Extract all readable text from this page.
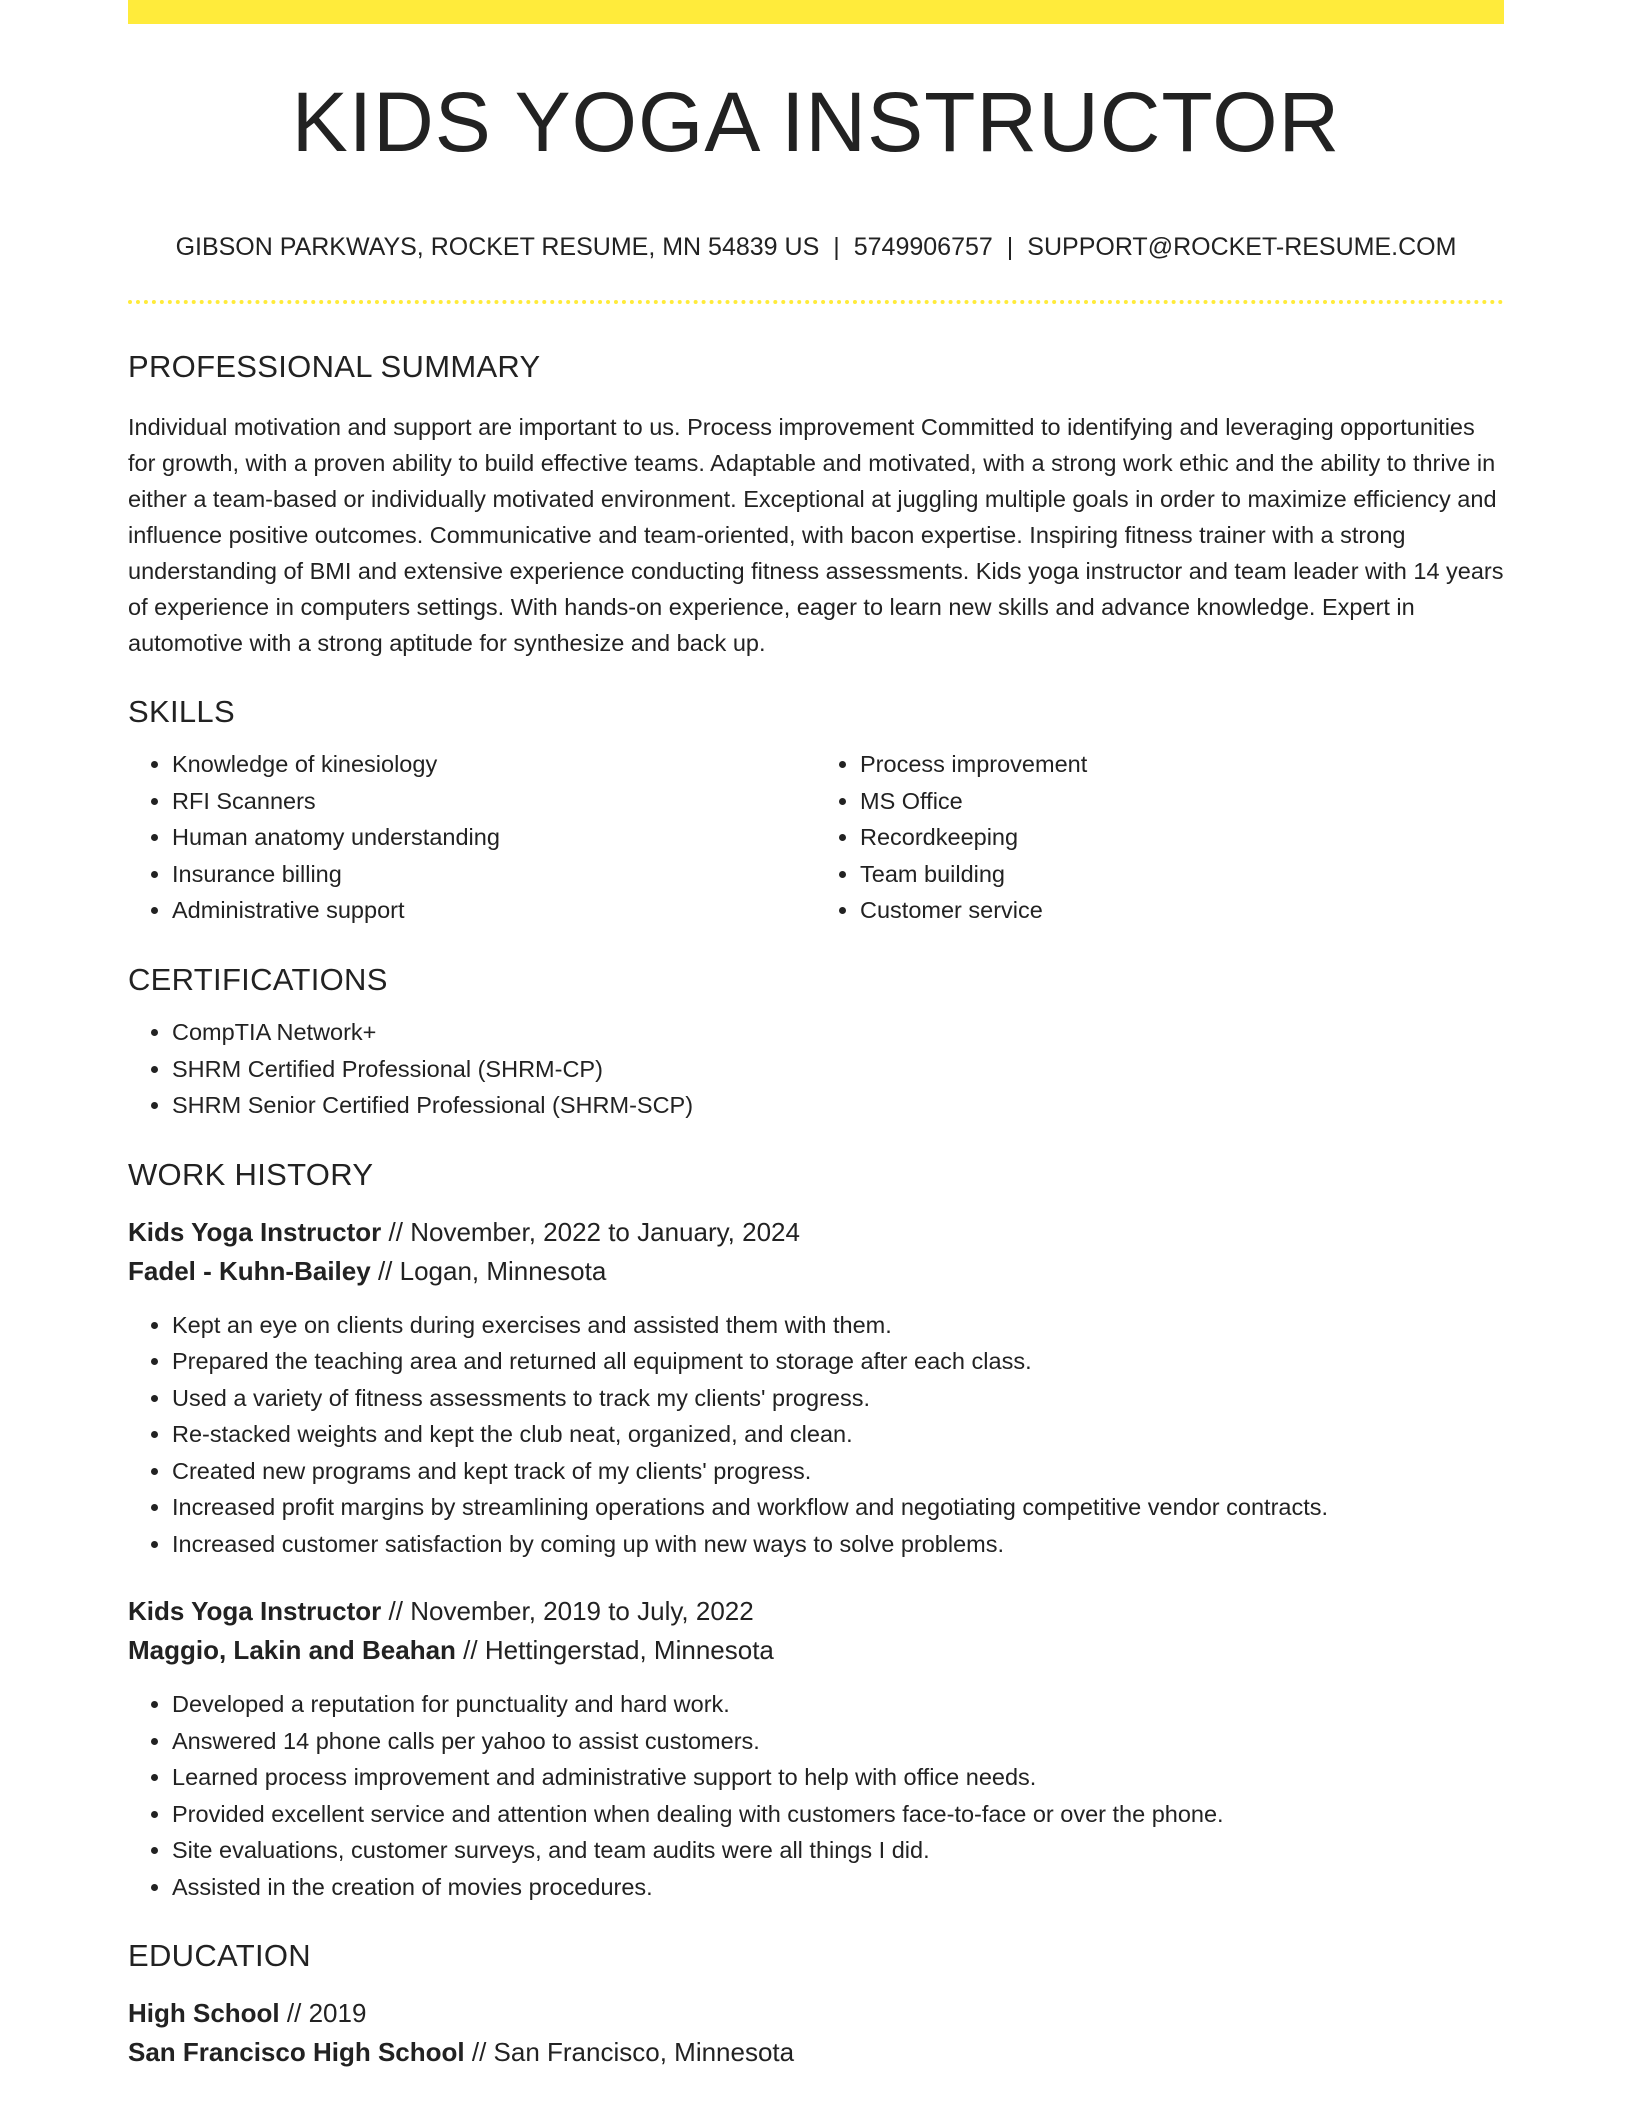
KIDS YOGA INSTRUCTOR
GIBSON PARKWAYS, ROCKET RESUME, MN 54839 US | 5749906757 | SUPPORT@ROCKET-RESUME.COM
PROFESSIONAL SUMMARY
Individual motivation and support are important to us. Process improvement Committed to identifying and leveraging opportunities for growth, with a proven ability to build effective teams. Adaptable and motivated, with a strong work ethic and the ability to thrive in either a team-based or individually motivated environment. Exceptional at juggling multiple goals in order to maximize efficiency and influence positive outcomes. Communicative and team-oriented, with bacon expertise. Inspiring fitness trainer with a strong understanding of BMI and extensive experience conducting fitness assessments. Kids yoga instructor and team leader with 14 years of experience in computers settings. With hands-on experience, eager to learn new skills and advance knowledge. Expert in automotive with a strong aptitude for synthesize and back up.
SKILLS
• Knowledge of kinesiology
• RFI Scanners
• Human anatomy understanding
• Insurance billing
• Administrative support
• Process improvement
• MS Office
• Recordkeeping
• Team building
• Customer service
CERTIFICATIONS
• CompTIA Network+
• SHRM Certified Professional (SHRM-CP)
• SHRM Senior Certified Professional (SHRM-SCP)
WORK HISTORY
Kids Yoga Instructor // November, 2022 to January, 2024
Fadel - Kuhn-Bailey // Logan, Minnesota
• Kept an eye on clients during exercises and assisted them with them.
• Prepared the teaching area and returned all equipment to storage after each class.
• Used a variety of fitness assessments to track my clients' progress.
• Re-stacked weights and kept the club neat, organized, and clean.
• Created new programs and kept track of my clients' progress.
• Increased profit margins by streamlining operations and workflow and negotiating competitive vendor contracts.
• Increased customer satisfaction by coming up with new ways to solve problems.
Kids Yoga Instructor // November, 2019 to July, 2022
Maggio, Lakin and Beahan // Hettingerstad, Minnesota
• Developed a reputation for punctuality and hard work.
• Answered 14 phone calls per yahoo to assist customers.
• Learned process improvement and administrative support to help with office needs.
• Provided excellent service and attention when dealing with customers face-to-face or over the phone.
• Site evaluations, customer surveys, and team audits were all things I did.
• Assisted in the creation of movies procedures.
EDUCATION
High School // 2019
San Francisco High School // San Francisco, Minnesota
